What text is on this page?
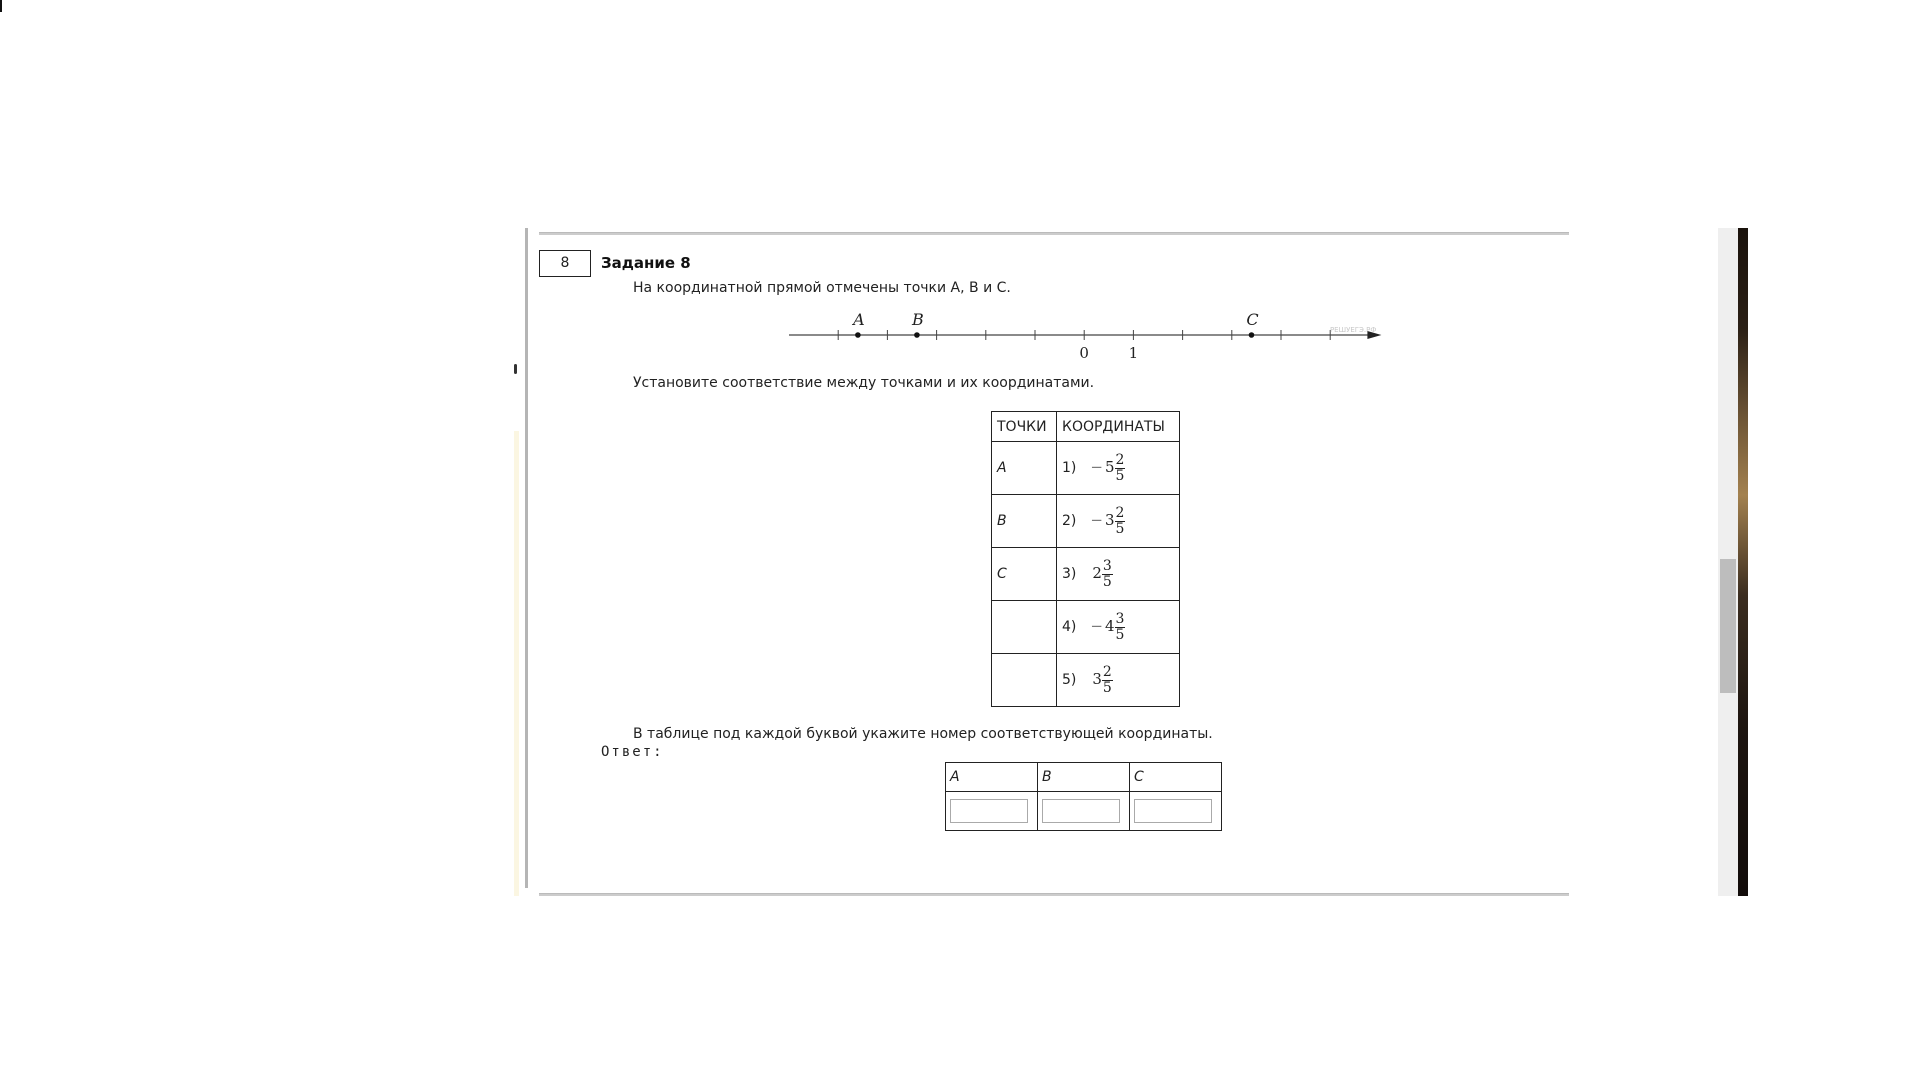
8	Задание 8
На координатной прямой отмечены точки A, B и C.
0	1
A	B	C
РЕШУЕГЭ.РФ
Установите соответствие между точками и их координатами.
ТОЧКИ	КООРДИНАТЫ
A	$1) - 5 \frac{2}{5}$

B	$2) - 3 \frac{2}{5}$

C	3) $2 \frac{3}{5}$

	$4) - 4 \frac{3}{5}$

	5) $3 \frac{2}{5}$
В таблице под каждой буквой укажите номер соответствующей координаты.
Ответ:
A	B	C
